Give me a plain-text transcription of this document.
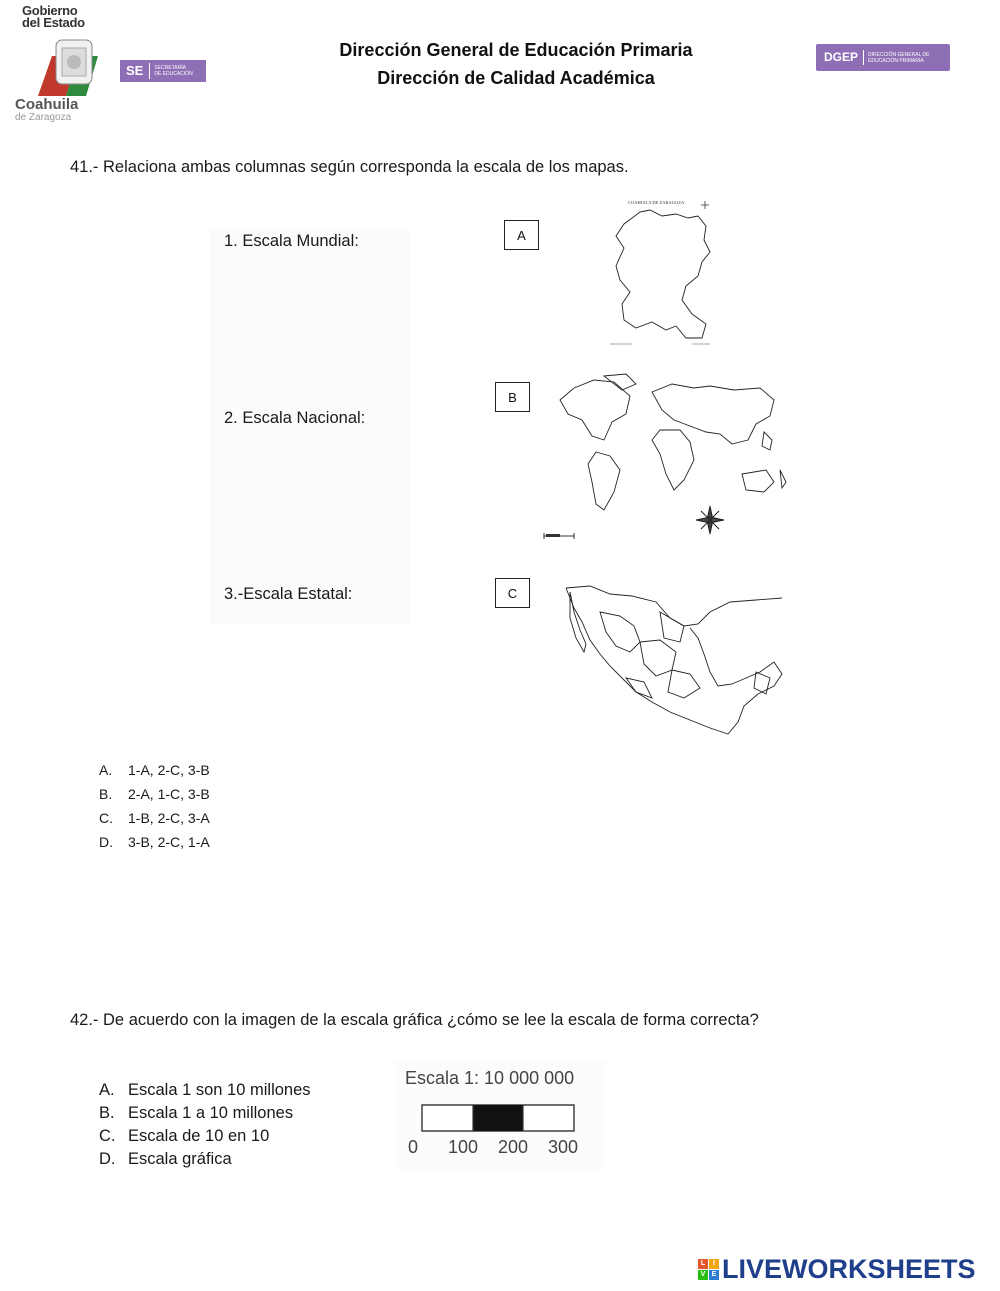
Gobierno
del Estado
SE	SECRETARÍA
DE EDUCACIÓN
Coahuila
de Zaragoza
Dirección General de Educación Primaria
Dirección de Calidad Académica
DGEP	DIRECCIÓN GENERAL DE
EDUCACIÓN PRIMARIA
41.- Relaciona ambas columnas según corresponda la escala de los mapas.
1. Escala Mundial:
2. Escala Nacional:
3.-Escala Estatal:
A
B
C
COAHUILA DE ZARAGOZA
A.	1-A, 2-C, 3-B
B.	2-A, 1-C, 3-B
C.	1-B, 2-C, 3-A
D.	3-B, 2-C, 1-A
42.- De acuerdo con la imagen de la escala gráfica ¿cómo se lee la escala de forma correcta?
A. Escala 1 son 10 millones
B. Escala 1 a 10 millones
C. Escala de 10 en 10
D. Escala gráfica
Escala 1: 10 000 000
0 100 200 300
L	I
V E LIVEWORKSHEETS
